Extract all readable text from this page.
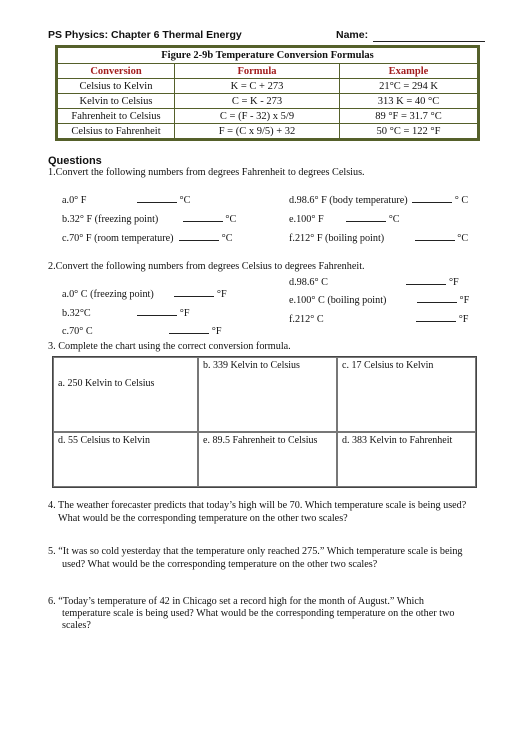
PS Physics: Chapter 6 Thermal Energy	Name:
Figure 2-9b Temperature Conversion Formulas		
Conversion	Formula	Example
Celsius to Kelvin	K = C + 273	21°C = 294 K
Kelvin to Celsius	C = K - 273	313 K = 40 °C
Fahrenheit to Celsius	C = (F - 32) x 5/9	89 °F = 31.7 °C
Celsius to Fahrenheit	F = (C x 9/5) + 32	50 °C = 122 °F
Questions
1.Convert the following numbers from degrees Fahrenheit to degrees Celsius.
a.0° F	°C
b.32° F (freezing point)	°C
c.70° F (room temperature)	°C
d.98.6° F (body temperature)	° C
e.100° F	°C
f.212° F (boiling point)	°C
2.Convert the following numbers from degrees Celsius to degrees Fahrenheit.
a.0° C (freezing point)	°F
b.32°C	°F
c.70° C	°F
d.98.6° C	°F
e.100° C (boiling point)	°F
f.212° C	°F
3. Complete the chart using the correct conversion formula.
a. 250 Kelvin to Celsius
b. 339 Kelvin to Celsius	c. 17 Celsius to Kelvin
d. 55 Celsius to Kelvin	e. 89.5 Fahrenheit to Celsius	d. 383 Kelvin to Fahrenheit
4. The weather forecaster predicts that today’s high will be 70. Which temperature scale is being used?
What would be the corresponding temperature on the other two scales?
5. “It was so cold yesterday that the temperature only reached 275.” Which temperature scale is being
used? What would be the corresponding temperature on the other two scales?
6. “Today’s temperature of 42 in Chicago set a record high for the month of August.” Which
temperature scale is being used? What would be the corresponding temperature on the other two
scales?
